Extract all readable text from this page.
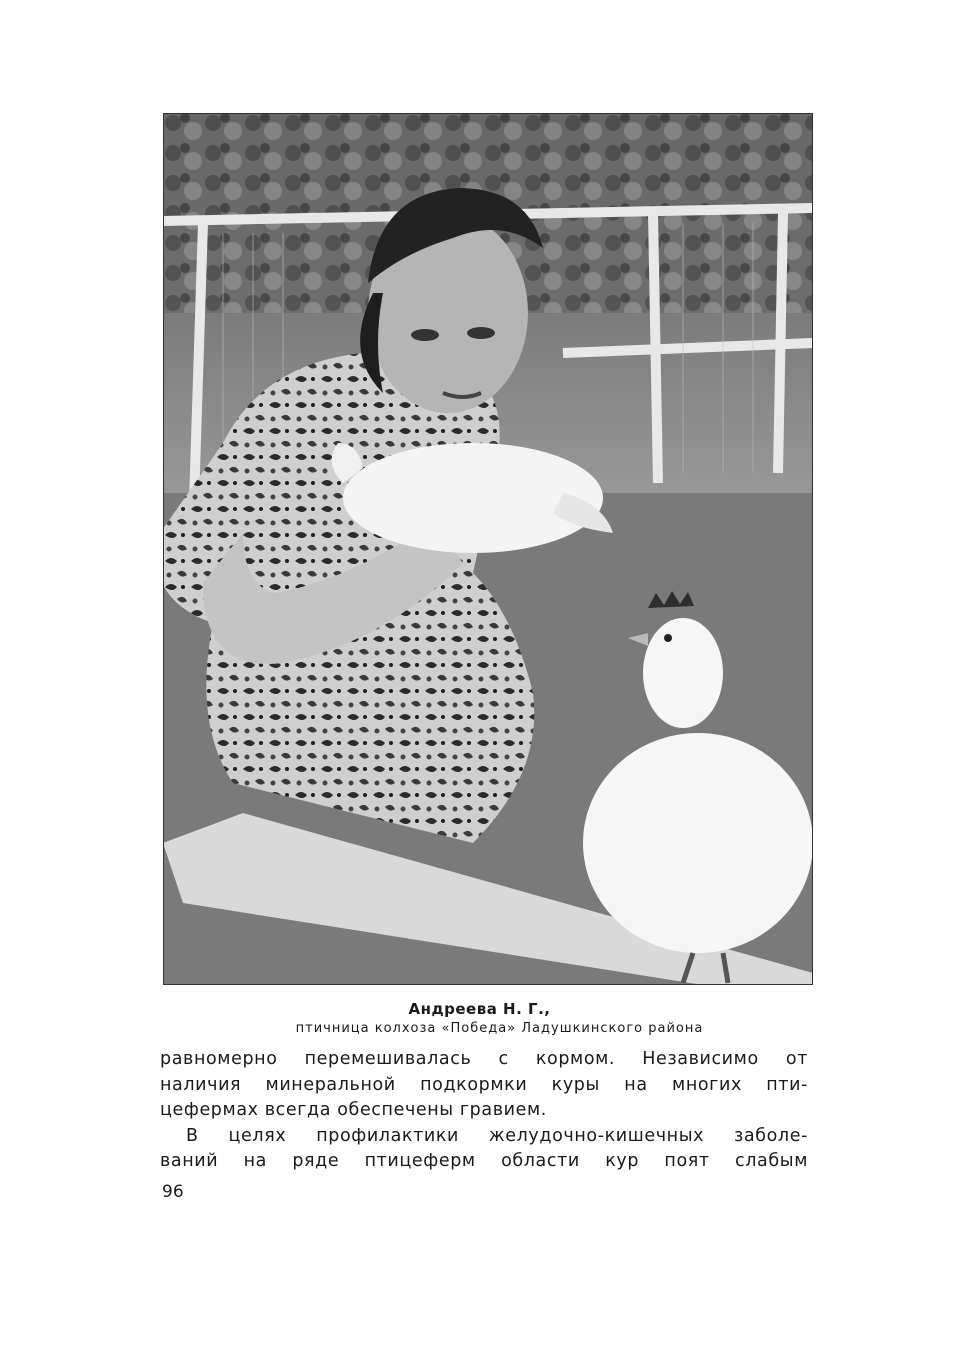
Андреева Н. Г.,
птичница колхоза «Победа» Ладушкинского района
равномерно перемешивалась с кормом. Независимо от
наличия минеральной подкормки куры на многих пти-
цефермах всегда обеспечены гравием.
В целях профилактики желудочно-кишечных заболе-
ваний на ряде птицеферм области кур поят слабым
96
